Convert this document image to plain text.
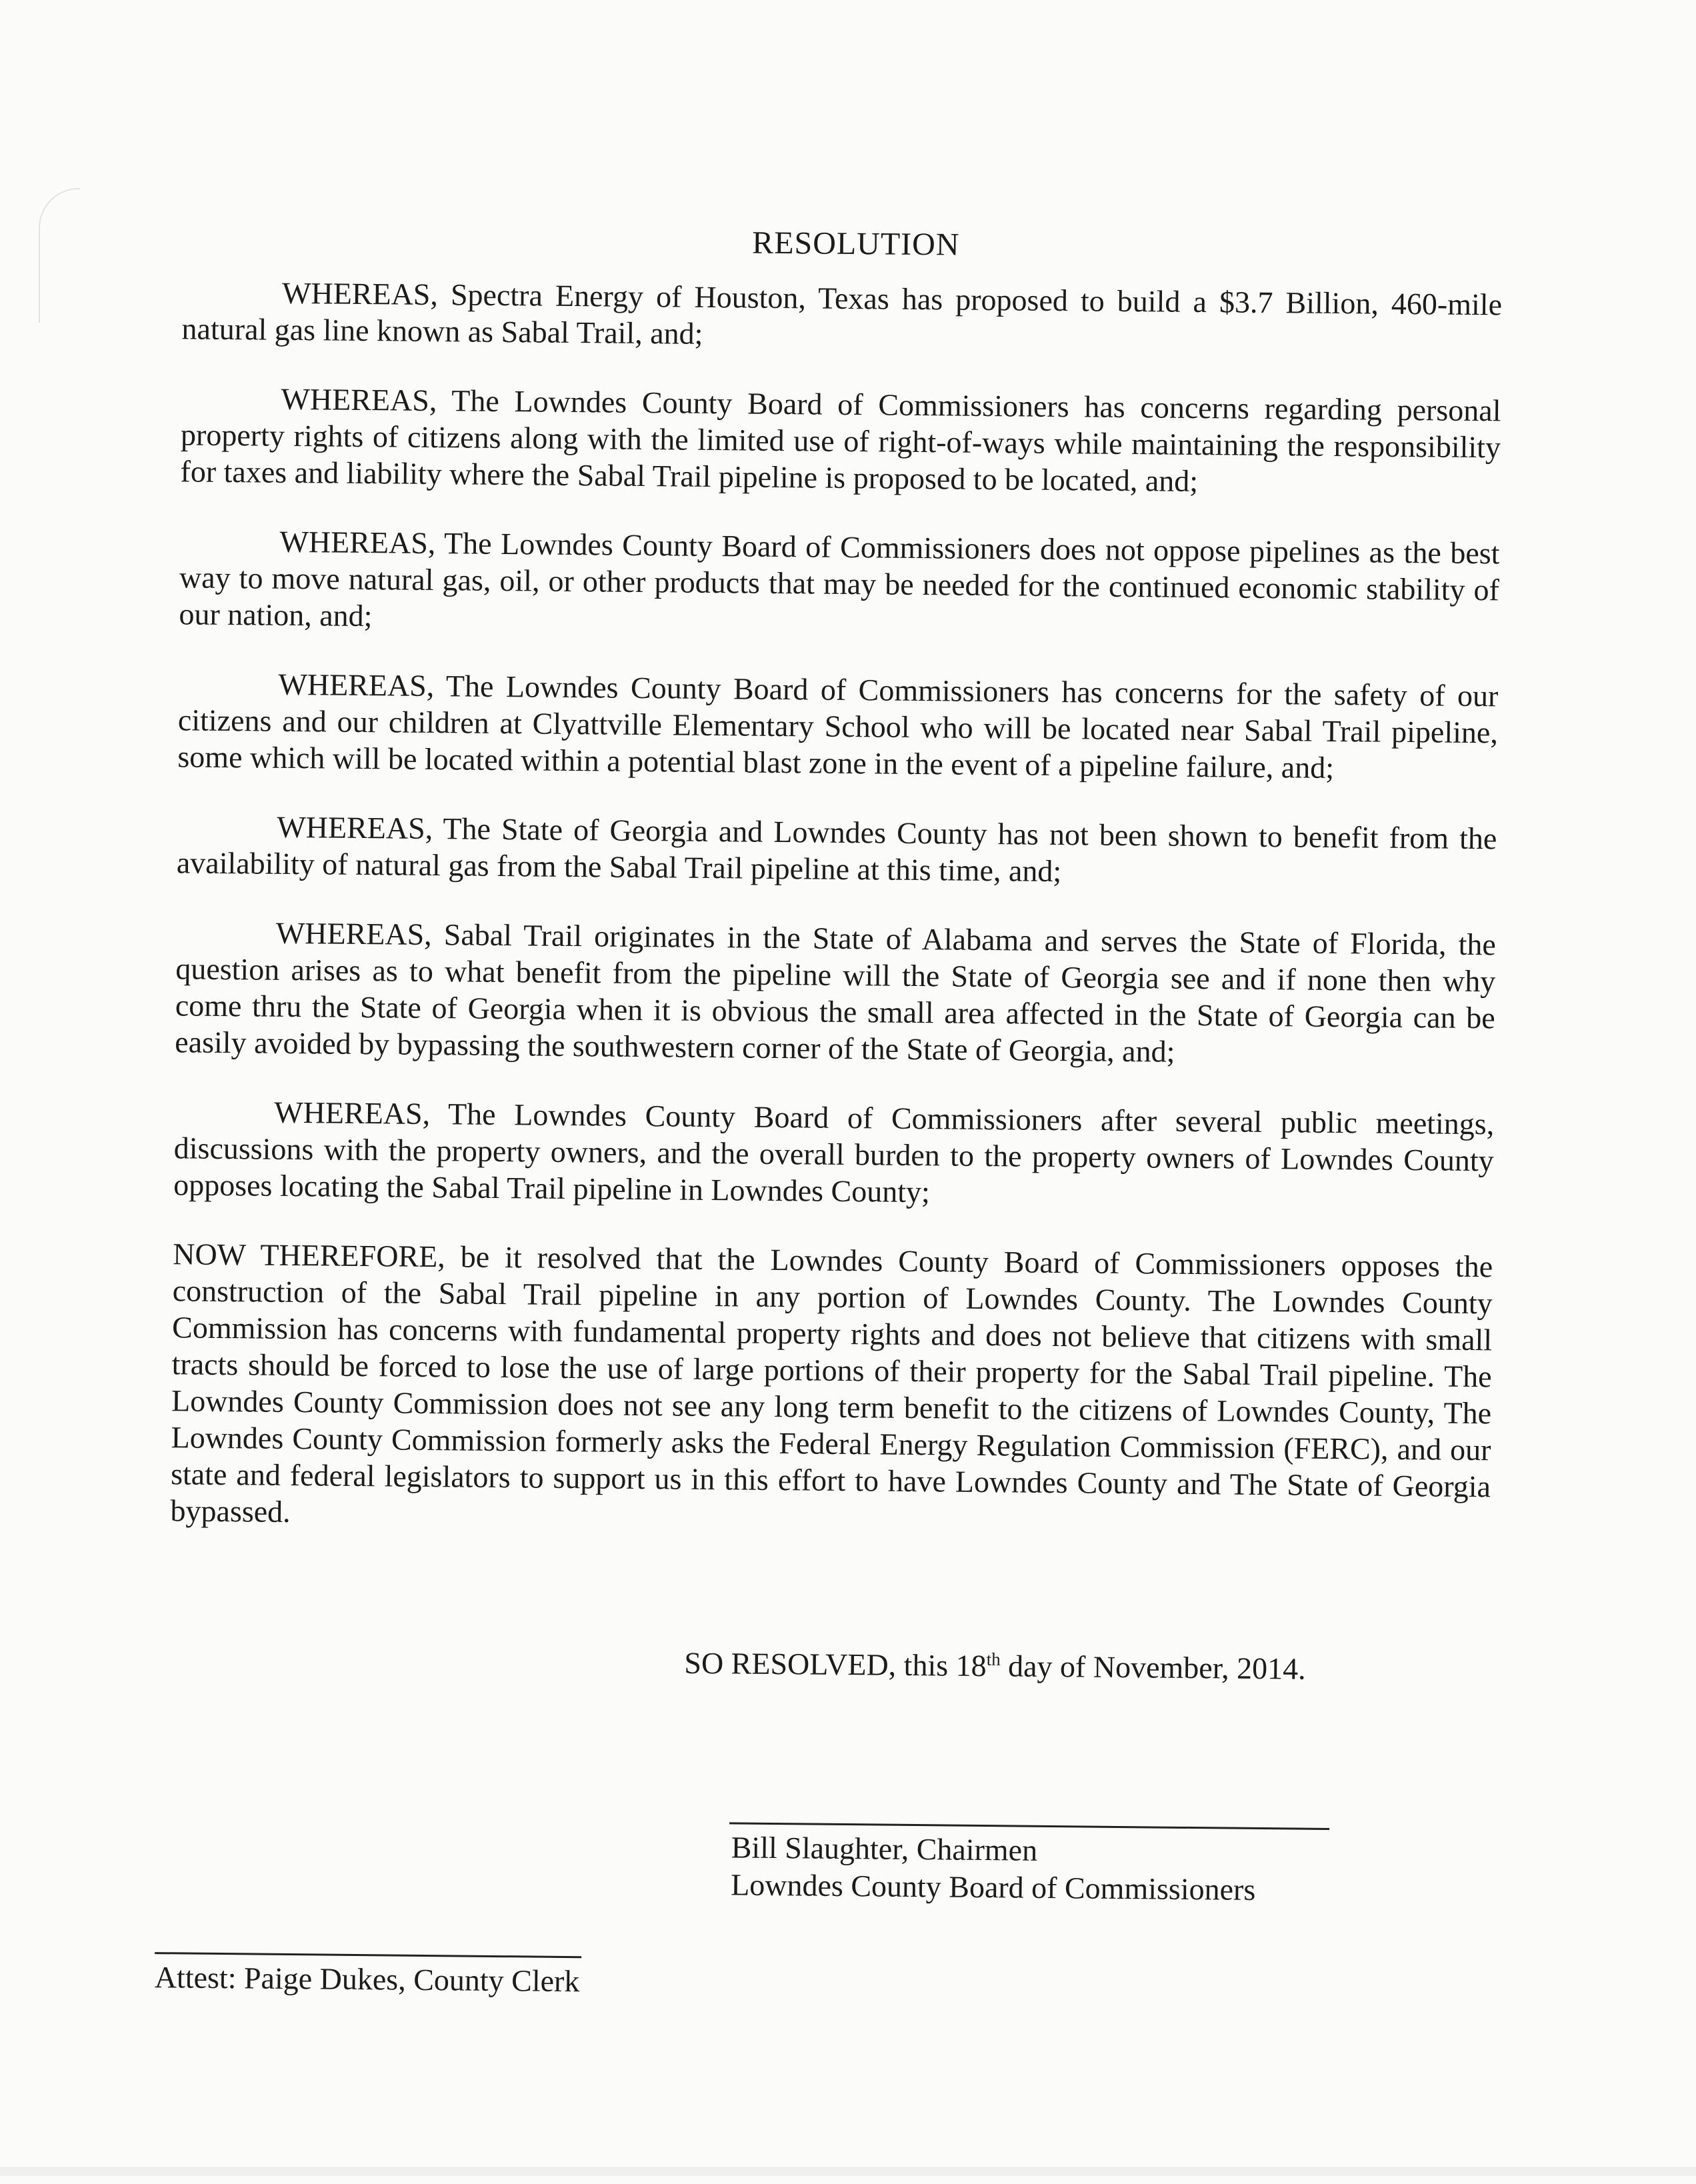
RESOLUTION

WHEREAS, Spectra Energy of Houston, Texas has proposed to build a $3.7 Billion, 460-mile natural gas line known as Sabal Trail, and;

WHEREAS, The Lowndes County Board of Commissioners has concerns regarding personal property rights of citizens along with the limited use of right-of-ways while maintaining the responsibility for taxes and liability where the Sabal Trail pipeline is proposed to be located, and;

WHEREAS, The Lowndes County Board of Commissioners does not oppose pipelines as the best way to move natural gas, oil, or other products that may be needed for the continued economic stability of our nation, and;

WHEREAS, The Lowndes County Board of Commissioners has concerns for the safety of our citizens and our children at Clyattville Elementary School who will be located near Sabal Trail pipeline, some which will be located within a potential blast zone in the event of a pipeline failure, and;

WHEREAS, The State of Georgia and Lowndes County has not been shown to benefit from the availability of natural gas from the Sabal Trail pipeline at this time, and;

WHEREAS, Sabal Trail originates in the State of Alabama and serves the State of Florida, the question arises as to what benefit from the pipeline will the State of Georgia see and if none then why come thru the State of Georgia when it is obvious the small area affected in the State of Georgia can be easily avoided by bypassing the southwestern corner of the State of Georgia, and;

WHEREAS, The Lowndes County Board of Commissioners after several public meetings, discussions with the property owners, and the overall burden to the property owners of Lowndes County opposes locating the Sabal Trail pipeline in Lowndes County;

NOW THEREFORE, be it resolved that the Lowndes County Board of Commissioners opposes the construction of the Sabal Trail pipeline in any portion of Lowndes County. The Lowndes County Commission has concerns with fundamental property rights and does not believe that citizens with small tracts should be forced to lose the use of large portions of their property for the Sabal Trail pipeline. The Lowndes County Commission does not see any long term benefit to the citizens of Lowndes County, The Lowndes County Commission formerly asks the Federal Energy Regulation Commission (FERC), and our state and federal legislators to support us in this effort to have Lowndes County and The State of Georgia bypassed.

SO RESOLVED, this 18th day of November, 2014.
Bill Slaughter, Chairmen
Lowndes County Board of Commissioners
Attest: Paige Dukes, County Clerk
